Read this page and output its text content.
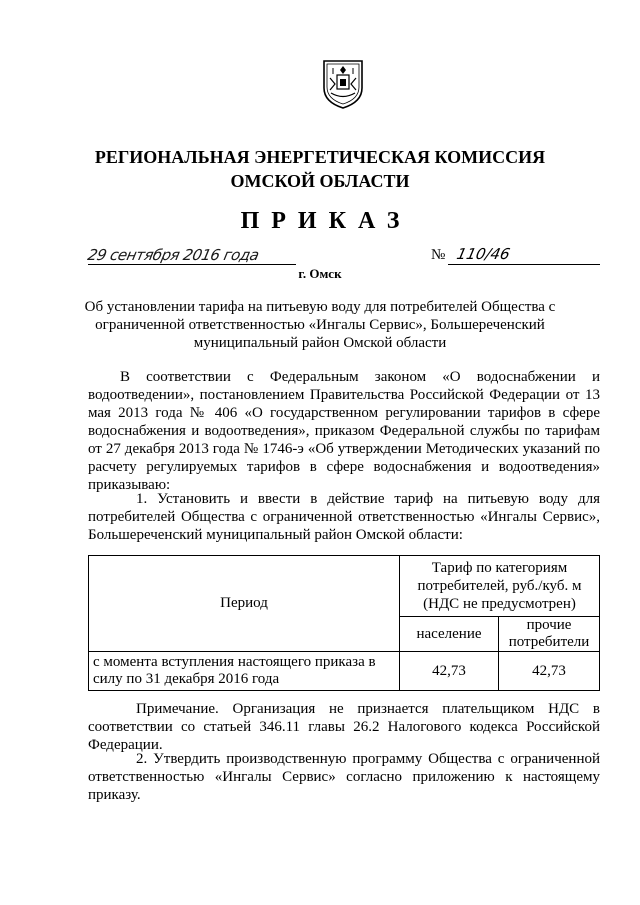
РЕГИОНАЛЬНАЯ ЭНЕРГЕТИЧЕСКАЯ КОМИССИЯ
ОМСКОЙ ОБЛАСТИ
ПРИКАЗ
29 сентября 2016 года	№ 110/46
г. Омск
Об установлении тарифа на питьевую воду для потребителей Общества с ограниченной ответственностью «Ингалы Сервис», Большереченский муниципальный район Омской области
В соответствии с Федеральным законом «О водоснабжении и водоотведении», постановлением Правительства Российской Федерации от 13 мая 2013 года № 406 «О государственном регулировании тарифов в сфере водоснабжения и водоотведения», приказом Федеральной службы по тарифам от 27 декабря 2013 года № 1746-э «Об утверждении Методических указаний по расчету регулируемых тарифов в сфере водоснабжения и водоотведения» приказываю:
1. Установить и ввести в действие тариф на питьевую воду для потребителей Общества с ограниченной ответственностью «Ингалы Сервис», Большереченский муниципальный район Омской области:
Период	Тариф по категориям потребителей, руб./куб. м (НДС не предусмотрен)	
	население	прочие потребители
с момента вступления настоящего приказа в силу по 31 декабря 2016 года	42,73	42,73
Примечание. Организация не признается плательщиком НДС в соответствии со статьей 346.11 главы 26.2 Налогового кодекса Российской Федерации.
2. Утвердить производственную программу Общества с ограниченной ответственностью «Ингалы Сервис» согласно приложению к настоящему приказу.
